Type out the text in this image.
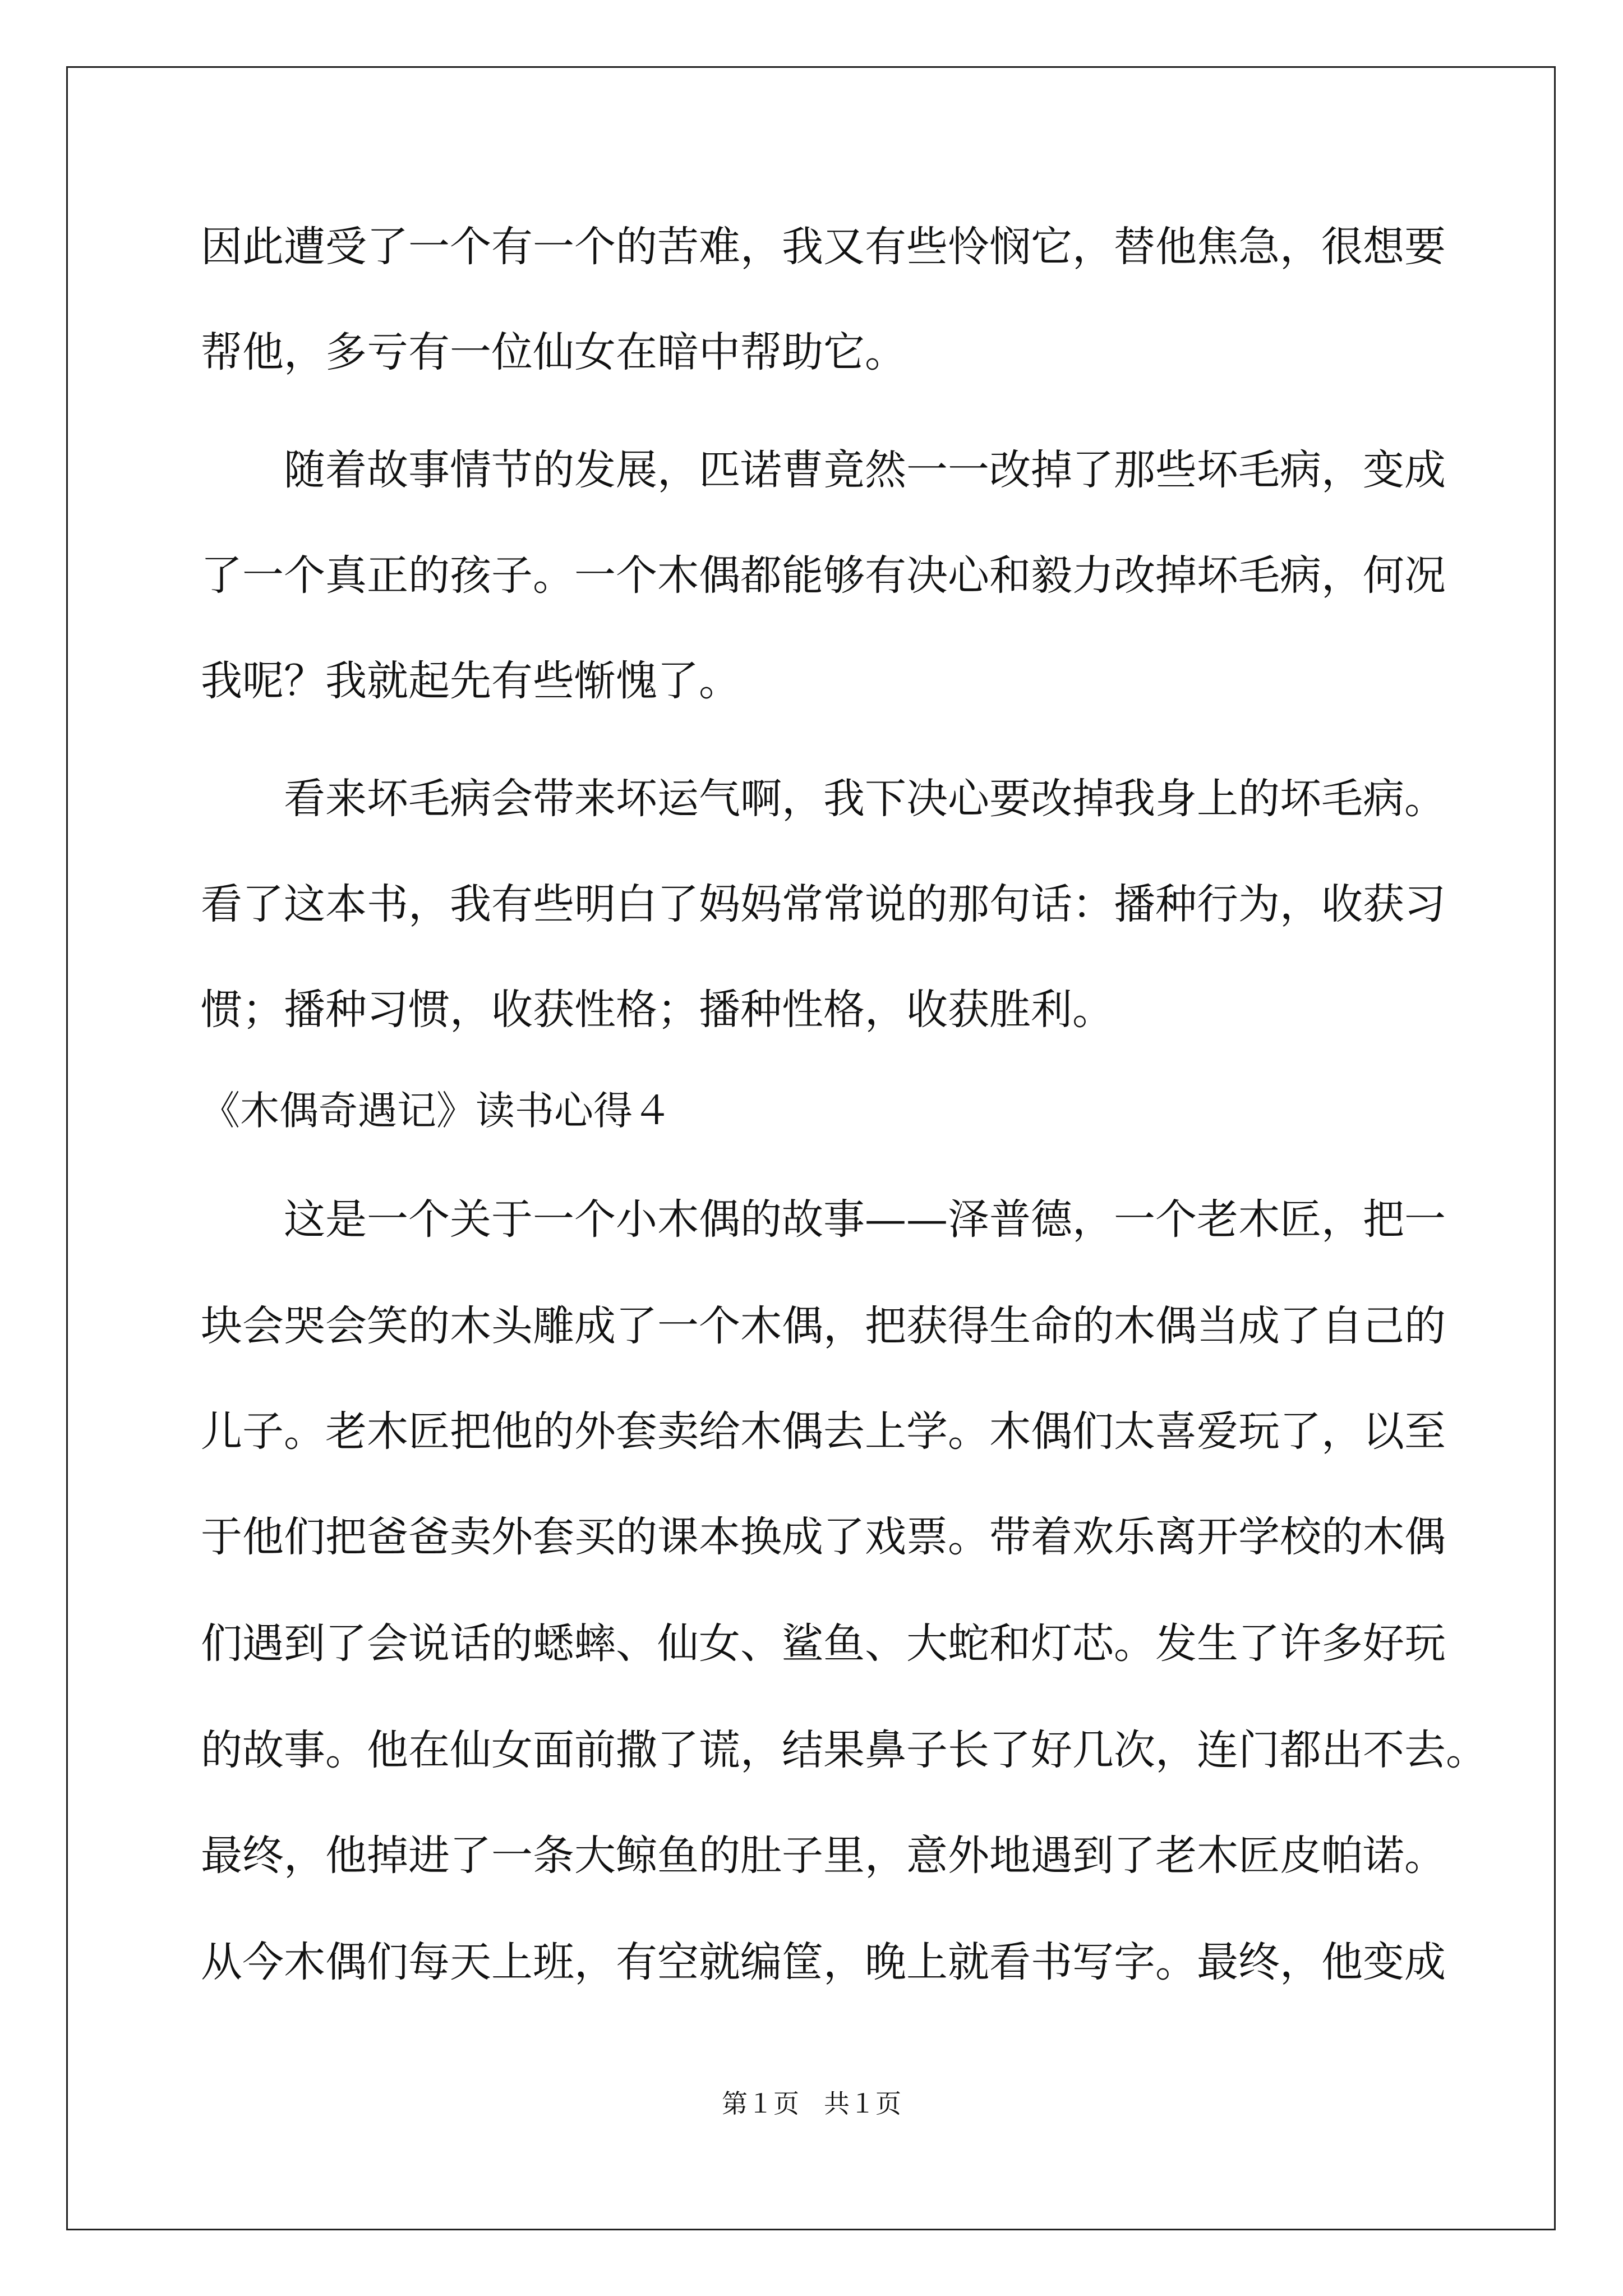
因此遭受了一个有一个的苦难，我又有些怜悯它，替他焦急，很想要
帮他，多亏有一位仙女在暗中帮助它。
随着故事情节的发展，匹诺曹竟然一一改掉了那些坏毛病，变成
了一个真正的孩子。一个木偶都能够有决心和毅力改掉坏毛病，何况
我呢？我就起先有些惭愧了。
看来坏毛病会带来坏运气啊，我下决心要改掉我身上的坏毛病。
看了这本书，我有些明白了妈妈常常说的那句话：播种行为，收获习
惯；播种习惯，收获性格；播种性格，收获胜利。
《木偶奇遇记》读书心得４
这是一个关于一个小木偶的故事——泽普德，一个老木匠，把一
块会哭会笑的木头雕成了一个木偶，把获得生命的木偶当成了自己的
儿子。老木匠把他的外套卖给木偶去上学。木偶们太喜爱玩了，以至
于他们把爸爸卖外套买的课本换成了戏票。带着欢乐离开学校的木偶
们遇到了会说话的蟋蟀、仙女、鲨鱼、大蛇和灯芯。发生了许多好玩
的故事。他在仙女面前撒了谎，结果鼻子长了好几次，连门都出不去。
最终，他掉进了一条大鲸鱼的肚子里，意外地遇到了老木匠皮帕诺。
从今木偶们每天上班，有空就编筐，晚上就看书写字。最终，他变成
第１页 共１页
